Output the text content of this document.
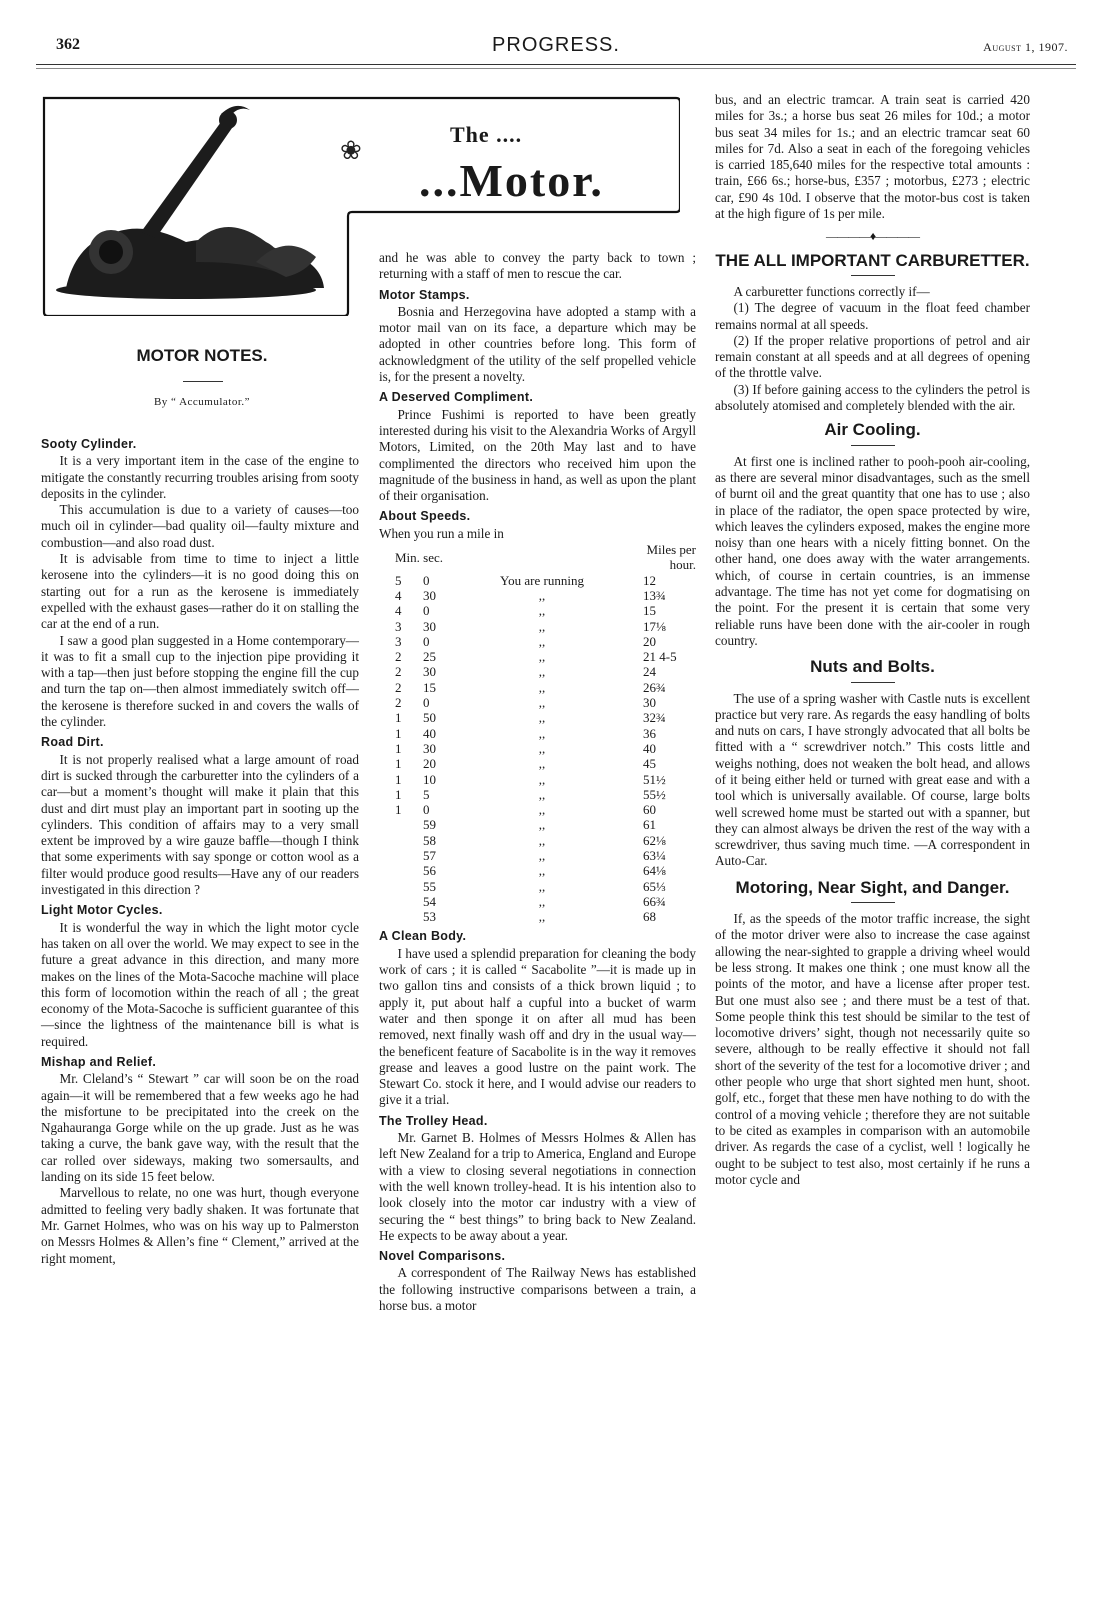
362	PROGRESS.	August 1, 1907.
❀
The ....
...Motor.
MOTOR NOTES.
By “ Accumulator.”
Sooty Cylinder.

It is a very important item in the case of the engine to mitigate the constantly recurring troubles arising from sooty deposits in the cylinder.

This accumulation is due to a variety of causes—too much oil in cylinder—bad quality oil—faulty mixture and combustion—and also road dust.

It is advisable from time to time to inject a little kerosene into the cylinders—it is no good doing this on starting out for a run as the kerosene is immediately expelled with the exhaust gases—rather do it on stalling the car at the end of a run.

I saw a good plan suggested in a Home contemporary—it was to fit a small cup to the injection pipe providing it with a tap—then just before stopping the engine fill the cup and turn the tap on—then almost immediately switch off—the kerosene is therefore sucked in and covers the walls of the cylinder.

Road Dirt.

It is not properly realised what a large amount of road dirt is sucked through the carburetter into the cylinders of a car—but a moment’s thought will make it plain that this dust and dirt must play an important part in sooting up the cylinders. This condition of affairs may to a very small extent be improved by a wire gauze baffle—though I think that some experiments with say sponge or cotton wool as a filter would produce good results—Have any of our readers investigated in this direction ?

Light Motor Cycles.

It is wonderful the way in which the light motor cycle has taken on all over the world. We may expect to see in the future a great advance in this direction, and many more makes on the lines of the Mota-Sacoche machine will place this form of locomotion within the reach of all ; the great economy of the Mota-Sacoche is sufficient guarantee of this—since the lightness of the maintenance bill is what is required.

Mishap and Relief.

Mr. Cleland’s “ Stewart ” car will soon be on the road again—it will be remembered that a few weeks ago he had the misfortune to be precipitated into the creek on the Ngahauranga Gorge while on the up grade. Just as he was taking a curve, the bank gave way, with the result that the car rolled over sideways, making two somersaults, and landing on its side 15 feet below.

Marvellous to relate, no one was hurt, though everyone admitted to feeling very badly shaken. It was fortunate that Mr. Garnet Holmes, who was on his way up to Palmerston on Messrs Holmes & Allen’s fine “ Clement,” arrived at the right moment,

and he was able to convey the party back to town ; returning with a staff of men to rescue the car.

Motor Stamps.

Bosnia and Herzegovina have adopted a stamp with a motor mail van on its face, a departure which may be adopted in other countries before long. This form of acknowledgment of the utility of the self propelled vehicle is, for the present a novelty.

A Deserved Compliment.

Prince Fushimi is reported to have been greatly interested during his visit to the Alexandria Works of Argyll Motors, Limited, on the 20th May last and to have complimented the directors who received him upon the magnitude of the business in hand, as well as upon the plant of their organisation.

About Speeds.

When you run a mile in

Min. sec.			Miles per hour.
5	0	You are running	12
4	30	,,	13¾
4	0	,,	15
3	30	,,	17⅛
3	0	,,	20
2	25	,,	21 4-5
2	30	,,	24
2	15	,,	26¾
2	0	,,	30
1	50	,,	32¾
1	40	,,	36
1	30	,,	40
1	20	,,	45
1	10	,,	51½
1	5	,,	55½
1	0	,,	60
	59	,,	61
	58	,,	62⅛
	57	,,	63¼
	56	,,	64⅛
	55	,,	65⅓
	54	,,	66¾
	53	,,	68
A Clean Body.

I have used a splendid preparation for cleaning the body work of cars ; it is called “ Sacabolite ”—it is made up in two gallon tins and consists of a thick brown liquid ; to apply it, put about half a cupful into a bucket of warm water and then sponge it on after all mud has been removed, next finally wash off and dry in the usual way—the beneficent feature of Sacabolite is in the way it removes grease and leaves a good lustre on the paint work. The Stewart Co. stock it here, and I would advise our readers to give it a trial.

The Trolley Head.

Mr. Garnet B. Holmes of Messrs Holmes & Allen has left New Zealand for a trip to America, England and Europe with a view to closing several negotiations in connection with the well known trolley-head. It is his intention also to look closely into the motor car industry with a view of securing the “ best things” to bring back to New Zealand. He expects to be away about a year.

Novel Comparisons.

A correspondent of The Railway News has established the following instructive comparisons between a train, a horse bus. a motor

bus, and an electric tramcar. A train seat is carried 420 miles for 3s.; a horse bus seat 26 miles for 10d.; a motor bus seat 34 miles for 1s.; and an electric tramcar seat 60 miles for 7d. Also a seat in each of the foregoing vehicles is carried 185,640 miles for the respective total amounts : train, £66 6s.; horse-bus, £357 ; motorbus, £273 ; electric car, £90 4s 10d. I observe that the motor-bus cost is taken at the high figure of 1s per mile.

————♦————
THE ALL IMPORTANT CARBURETTER.

A carburetter functions correctly if—

(1) The degree of vacuum in the float feed chamber remains normal at all speeds.

(2) If the proper relative proportions of petrol and air remain constant at all speeds and at all degrees of opening of the throttle valve.

(3) If before gaining access to the cylinders the petrol is absolutely atomised and completely blended with the air.

Air Cooling.

At first one is inclined rather to pooh-pooh air-cooling, as there are several minor disadvantages, such as the smell of burnt oil and the great quantity that one has to use ; also in place of the radiator, the open space protected by wire, which leaves the cylinders exposed, makes the engine more noisy than one hears with a nicely fitting bonnet. On the other hand, one does away with the water arrangements. which, of course in certain countries, is an immense advantage. The time has not yet come for dogmatising on the point. For the present it is certain that some very reliable runs have been done with the air-cooler in rough country.

Nuts and Bolts.

The use of a spring washer with Castle nuts is excellent practice but very rare. As regards the easy handling of bolts and nuts on cars, I have strongly advocated that all bolts be fitted with a “ screwdriver notch.” This costs little and weighs nothing, does not weaken the bolt head, and allows of it being either held or turned with great ease and with a tool which is universally available. Of course, large bolts well screwed home must be started out with a spanner, but they can almost always be driven the rest of the way with a screwdriver, thus saving much time. —A correspondent in Auto-Car.

Motoring, Near Sight, and Danger.

If, as the speeds of the motor traffic increase, the sight of the motor driver were also to increase the case against allowing the near-sighted to grapple a driving wheel would be less strong. It makes one think ; one must know all the points of the motor, and have a license after proper test. But one must also see ; and there must be a test of that. Some people think this test should be similar to the test of locomotive drivers’ sight, though not necessarily quite so severe, although to be really effective it should not fall short of the severity of the test for a locomotive driver ; and other people who urge that short sighted men hunt, shoot. golf, etc., forget that these men have nothing to do with the control of a moving vehicle ; therefore they are not suitable to be cited as examples in comparison with an automobile driver. As regards the case of a cyclist, well ! logically he ought to be subject to test also, most certainly if he runs a motor cycle and
